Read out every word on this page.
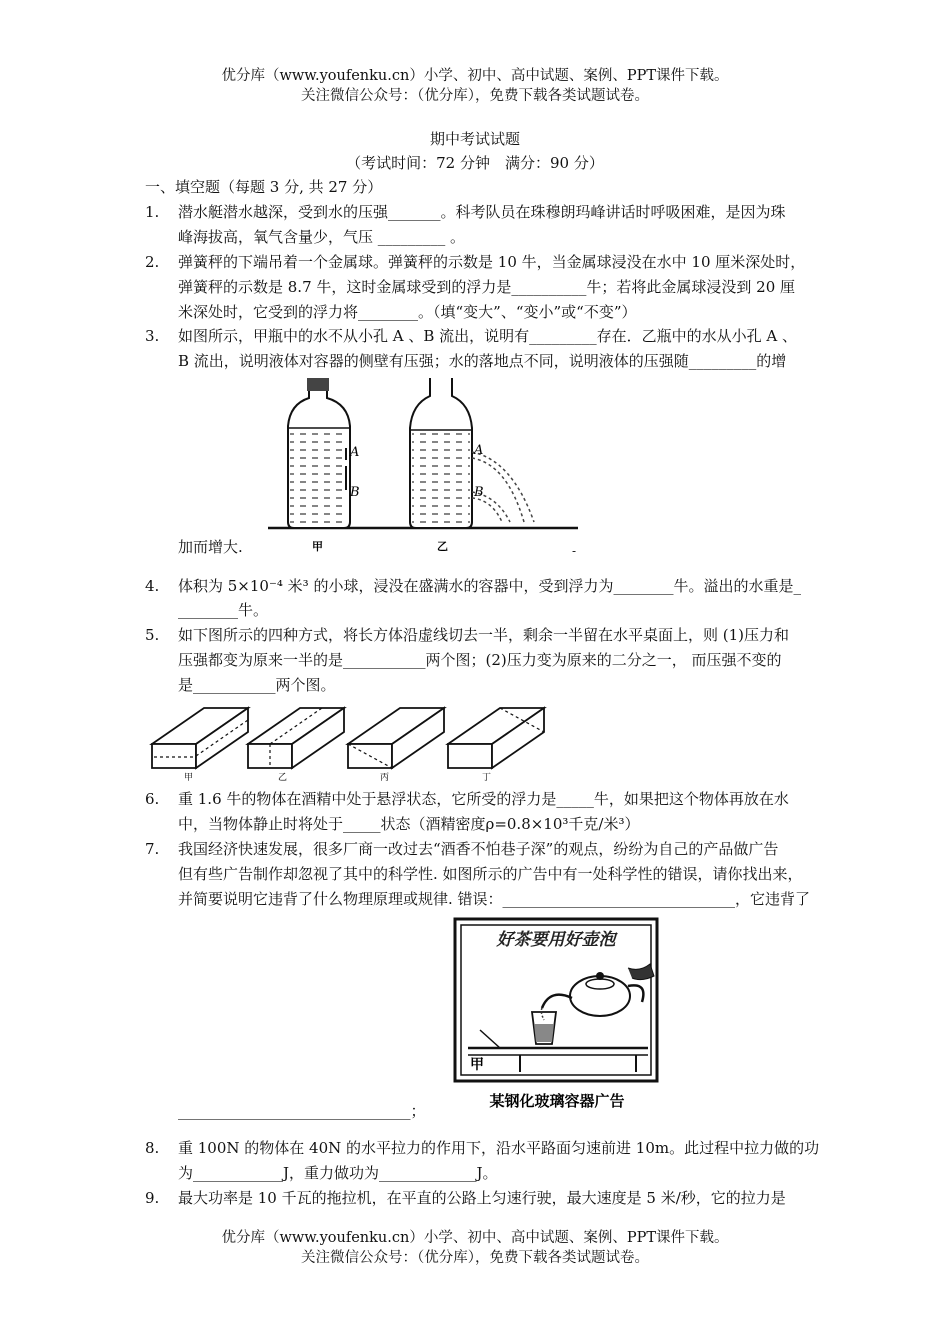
优分库（www.youfenku.cn）小学、初中、高中试题、案例、PPT课件下载。
关注微信公众号：（优分库），免费下载各类试题试卷。
期中考试试题
（考试时间：72 分钟　满分：90 分）
一、填空题（每题 3 分, 共 27 分）
1. 潜水艇潜水越深，受到水的压强_______。科考队员在珠穆朗玛峰讲话时呼吸困难，是因为珠
峰海拔高，氧气含量少，气压 _________ 。
2. 弹簧秤的下端吊着一个金属球。弹簧秤的示数是 10 牛，当金属球浸没在水中 10 厘米深处时，
弹簧秤的示数是 8.7 牛，这时金属球受到的浮力是__________牛；若将此金属球浸没到 20 厘
米深处时，它受到的浮力将________。（填“变大”、“变小”或“不变”）
3. 如图所示，甲瓶中的水不从小孔 A 、B 流出，说明有_________存在．乙瓶中的水从小孔 A 、
B 流出，说明液体对容器的侧壁有压强；水的落地点不同，说明液体的压强随_________的增
A
B
A
B
甲	乙
加而增大.	-
4. 体积为 5×10⁻⁴ 米³ 的小球，浸没在盛满水的容器中，受到浮力为________牛。溢出的水重是_
________牛。
5. 如下图所示的四种方式，将长方体沿虚线切去一半，剩余一半留在水平桌面上，则 (1)压力和
压强都变为原来一半的是___________两个图；(2)压力变为原来的二分之一， 而压强不变的
是___________两个图。
甲	乙	丙	丁
6. 重 1.6 牛的物体在酒精中处于悬浮状态，它所受的浮力是_____牛，如果把这个物体再放在水
中，当物体静止时将处于_____状态（酒精密度ρ=0.8×10³千克/米³）
7. 我国经济快速发展，很多厂商一改过去“酒香不怕巷子深”的观点，纷纷为自己的产品做广告
但有些广告制作却忽视了其中的科学性. 如图所示的广告中有一处科学性的错误，请你找出来，
并简要说明它违背了什么物理原理或规律. 错误：_______________________________，它违背了
好茶要用好壶泡
甲
某钢化玻璃容器广告
_______________________________；
8. 重 100N 的物体在 40N 的水平拉力的作用下，沿水平路面匀速前进 10m。此过程中拉力做的功
为____________J，重力做功为_____________J。
9. 最大功率是 10 千瓦的拖拉机，在平直的公路上匀速行驶，最大速度是 5 米/秒，它的拉力是
优分库（www.youfenku.cn）小学、初中、高中试题、案例、PPT课件下载。
关注微信公众号：（优分库），免费下载各类试题试卷。
